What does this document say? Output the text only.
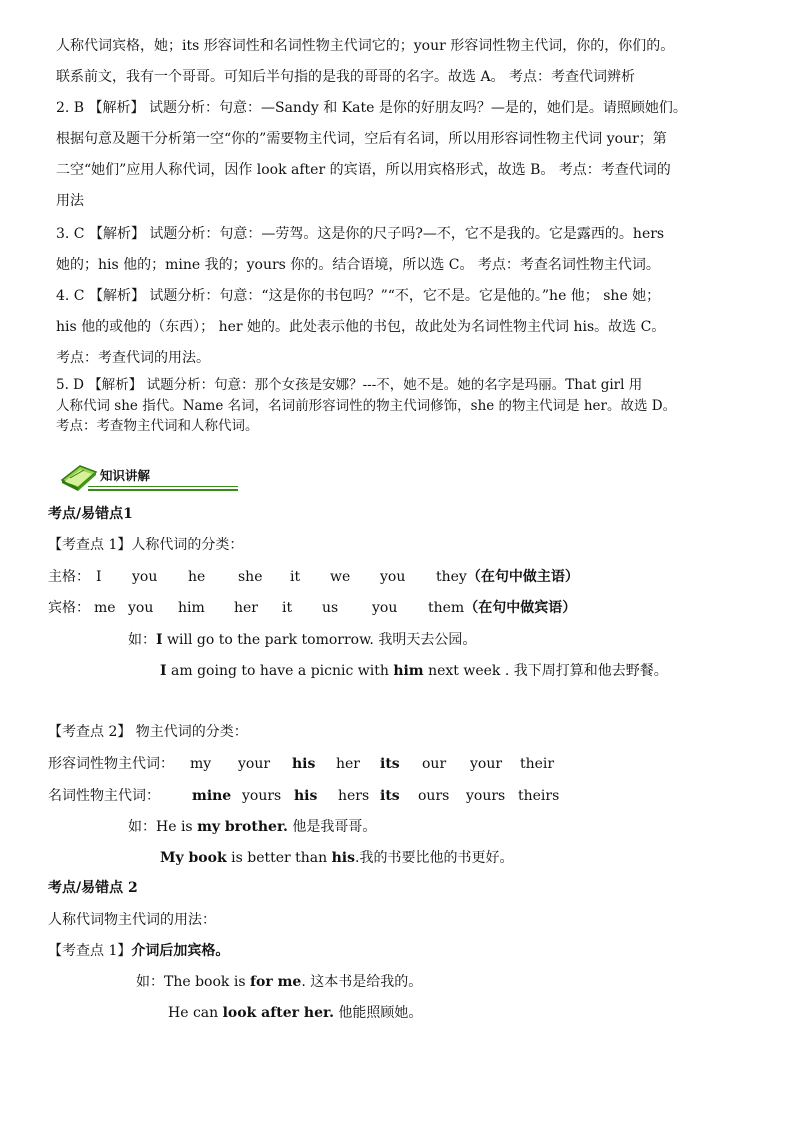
人称代词宾格，她；its 形容词性和名词性物主代词它的；your 形容词性物主代词，你的，你们的。
联系前文，我有一个哥哥。可知后半句指的是我的哥哥的名字。故选 A。 考点：考查代词辨析
2. B 【解析】 试题分析：句意：—Sandy 和 Kate 是你的好朋友吗？—是的，她们是。请照顾她们。
根据句意及题干分析第一空“你的”需要物主代词，空后有名词，所以用形容词性物主代词 your；第
二空“她们”应用人称代词，因作 look after 的宾语，所以用宾格形式，故选 B。 考点：考查代词的
用法
3. C 【解析】 试题分析：句意：—劳驾。这是你的尺子吗?—不，它不是我的。它是露西的。hers
她的；his 他的；mine 我的；yours 你的。结合语境，所以选 C。 考点：考查名词性物主代词。
4. C 【解析】 试题分析：句意：“这是你的书包吗？”“不，它不是。它是他的。”he 他； she 她；
his 他的或他的（东西）； her 她的。此处表示他的书包，故此处为名词性物主代词 his。故选 C。
考点：考查代词的用法。
5. D 【解析】 试题分析：句意：那个女孩是安娜？---不，她不是。她的名字是玛丽。That girl 用
人称代词 she 指代。Name 名词，名词前形容词性的物主代词修饰，she 的物主代词是 her。故选 D。
考点：考查物主代词和人称代词。
知识讲解
考点/易错点1
【考查点 1】人称代词的分类：
主格： I you he she it we you they（在句中做主语）
宾格： me you him her it us you them（在句中做宾语）
如：I will go to the park tomorrow. 我明天去公园。
I am going to have a picnic with him next week . 我下周打算和他去野餐。
【考查点 2】 物主代词的分类：
形容词性物主代词： my your his her its our your their
名词性物主代词： mine yours his hers its ours yours theirs
如：He is my brother. 他是我哥哥。
My book is better than his.我的书要比他的书更好。
考点/易错点 2
人称代词物主代词的用法：
【考查点 1】介词后加宾格。
如：The book is for me. 这本书是给我的。
He can look after her. 他能照顾她。
